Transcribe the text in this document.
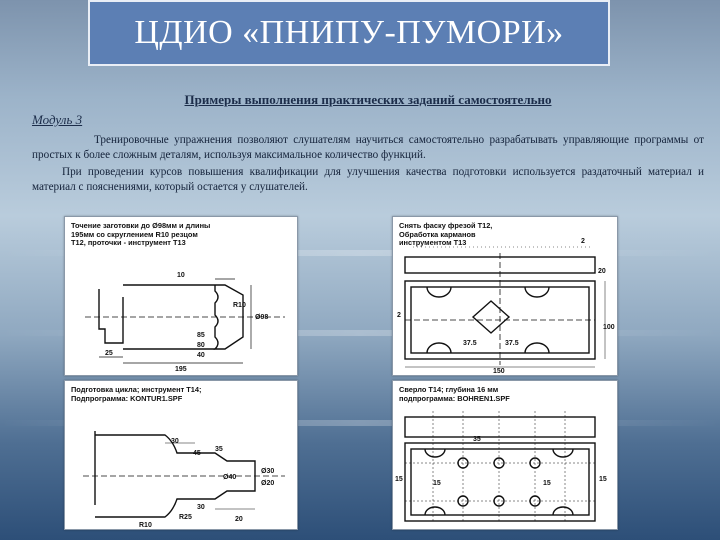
ЦДИО «ПНИПУ-ПУМОРИ»
Примеры выполнения практических заданий самостоятельно
Модуль 3
Тренировочные упражнения позволяют слушателям научиться самостоятельно разрабатывать управляющие программы от простых к более сложным деталям, используя максимальное количество функций.
При проведении курсов повышения квалификации для улучшения качества подготовки используется раздаточный материал и материал с пояснениями, который остается у слушателей.
Точение заготовки до Ø98мм и длины
195мм со скруглением R10 резцом
T12, проточки - инструмент T13
10
R10
Ø98
85
80
40
25
195
Снять фаску фрезой T12,
Обработка карманов
инструментом T13	2
20
2
100
37.5	37.5
150
Подготовка цикла; инструмент T14;
Подпрограмма: KONTUR1.SPF
30
45
35
R10
R25
30
20
Ø40
Ø30
Ø20
Сверло T14; глубина 16 мм
подпрограмма: BOHREN1.SPF
35
15
15	15
15
